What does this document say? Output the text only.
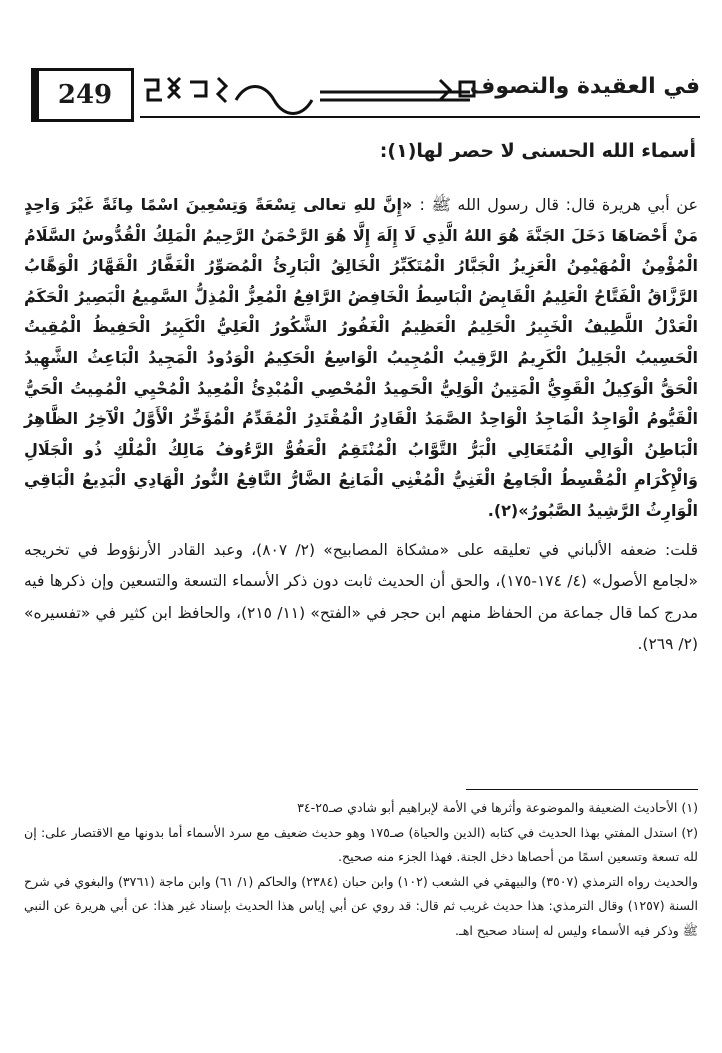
249	في العقيدة والتصوف
أسماء الله الحسنى لا حصر لها(١):

عن أبي هريرة قال: قال رسول الله ﷺ : «إِنَّ للهِ تعالى تِسْعَةً وَتِسْعِينَ اسْمًا مِائَةً غَيْرَ وَاحِدٍ مَنْ أَحْصَاهَا دَخَلَ الجَنَّةَ هُوَ اللهُ الَّذِي لَا إِلَهَ إِلَّا هُوَ الرَّحْمَنُ الرَّحِيمُ الْمَلِكُ الْقُدُّوسُ السَّلَامُ الْمُؤْمِنُ الْمُهَيْمِنُ الْعَزِيزُ الْجَبَّارُ الْمُتَكَبِّرُ الْخَالِقُ الْبَارِئُ الْمُصَوِّرُ الْغَفَّارُ الْقَهَّارُ الْوَهَّابُ الرَّزَّاقُ الْفَتَّاحُ الْعَلِيمُ الْقَابِضُ الْبَاسِطُ الْخَافِضُ الرَّافِعُ الْمُعِزُّ الْمُذِلُّ السَّمِيعُ الْبَصِيرُ الْحَكَمُ الْعَدْلُ اللَّطِيفُ الْخَبِيرُ الْحَلِيمُ الْعَظِيمُ الْغَفُورُ الشَّكُورُ الْعَلِيُّ الْكَبِيرُ الْحَفِيظُ الْمُقِيتُ الْحَسِيبُ الْجَلِيلُ الْكَرِيمُ الرَّقِيبُ الْمُجِيبُ الْوَاسِعُ الْحَكِيمُ الْوَدُودُ الْمَجِيدُ الْبَاعِثُ الشَّهِيدُ الْحَقُّ الْوَكِيلُ الْقَوِيُّ الْمَتِينُ الْوَلِيُّ الْحَمِيدُ الْمُحْصِي الْمُبْدِئُ الْمُعِيدُ الْمُحْيِي الْمُمِيتُ الْحَيُّ الْقَيُّومُ الْوَاجِدُ الْمَاجِدُ الْوَاحِدُ الصَّمَدُ الْقَادِرُ الْمُقْتَدِرُ الْمُقَدِّمُ الْمُؤَخِّرُ الْأَوَّلُ الْآخِرُ الظَّاهِرُ الْبَاطِنُ الْوَالِي الْمُتَعَالِي الْبَرُّ التَّوَّابُ الْمُنْتَقِمُ الْعَفُوُّ الرَّءُوفُ مَالِكُ الْمُلْكِ ذُو الْجَلَالِ وَالْإِكْرَامِ الْمُقْسِطُ الْجَامِعُ الْغَنِيُّ الْمُغْنِي الْمَانِعُ الضَّارُّ النَّافِعُ النُّورُ الْهَادِي الْبَدِيعُ الْبَاقِي الْوَارِثُ الرَّشِيدُ الصَّبُورُ»(٢).

قلت: ضعفه الألباني في تعليقه على «مشكاة المصابيح» (٢/ ٨٠٧)، وعبد القادر الأرنؤوط في تخريجه «لجامع الأصول» (٤/ ١٧٤-١٧٥)، والحق أن الحديث ثابت دون ذكر الأسماء التسعة والتسعين وإن ذكرها فيه مدرج كما قال جماعة من الحفاظ منهم ابن حجر في «الفتح» (١١/ ٢١٥)، والحافظ ابن كثير في «تفسيره» (٢/ ٢٦٩).

(١) الأحاديث الضعيفة والموضوعة وأثرها في الأمة لإبراهيم أبو شادي صـ٢٥-٣٤

(٢) استدل المفتي بهذا الحديث في كتابه (الدين والحياة) صـ١٧٥ وهو حديث ضعيف مع سرد الأسماء أما بدونها مع الاقتصار على: إن لله تسعة وتسعين اسمًا من أحصاها دخل الجنة. فهذا الجزء منه صحيح.

والحديث رواه الترمذي (٣٥٠٧) والبيهقي في الشعب (١٠٢) وابن حبان (٢٣٨٤) والحاكم (١/ ٦١) وابن ماجة (٣٧٦١) والبغوي في شرح السنة (١٢٥٧) وقال الترمذي: هذا حديث غريب ثم قال: قد روي عن أبي إياس هذا الحديث بإسناد غير هذا: عن أبي هريرة عن النبي ﷺ وذكر فيه الأسماء وليس له إسناد صحيح اهـ.
